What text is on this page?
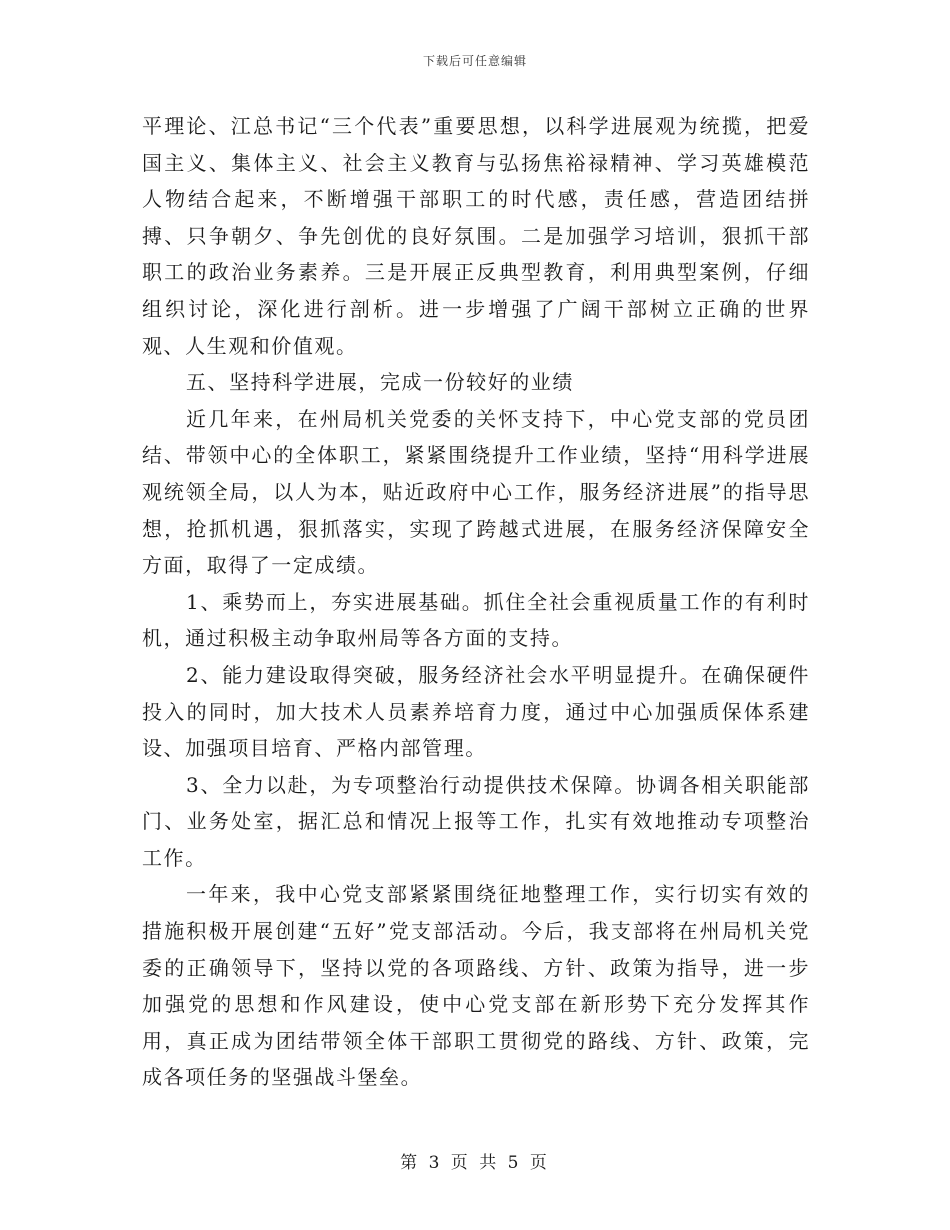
下载后可任意编辑

平理论、江总书记“三个代表”重要思想，以科学进展观为统揽，把爱国主义、集体主义、社会主义教育与弘扬焦裕禄精神、学习英雄模范人物结合起来，不断增强干部职工的时代感，责任感，营造团结拼搏、只争朝夕、争先创优的良好氛围。二是加强学习培训，狠抓干部职工的政治业务素养。三是开展正反典型教育，利用典型案例，仔细组织讨论，深化进行剖析。进一步增强了广阔干部树立正确的世界观、人生观和价值观。

五、坚持科学进展，完成一份较好的业绩

近几年来，在州局机关党委的关怀支持下，中心党支部的党员团结、带领中心的全体职工，紧紧围绕提升工作业绩，坚持“用科学进展观统领全局，以人为本，贴近政府中心工作，服务经济进展”的指导思想，抢抓机遇，狠抓落实，实现了跨越式进展，在服务经济保障安全方面，取得了一定成绩。

1、乘势而上，夯实进展基础。抓住全社会重视质量工作的有利时机，通过积极主动争取州局等各方面的支持。

2、能力建设取得突破，服务经济社会水平明显提升。在确保硬件投入的同时，加大技术人员素养培育力度，通过中心加强质保体系建设、加强项目培育、严格内部管理。

3、全力以赴，为专项整治行动提供技术保障。协调各相关职能部门、业务处室，据汇总和情况上报等工作，扎实有效地推动专项整治工作。

一年来，我中心党支部紧紧围绕征地整理工作，实行切实有效的措施积极开展创建“五好”党支部活动。今后，我支部将在州局机关党委的正确领导下，坚持以党的各项路线、方针、政策为指导，进一步加强党的思想和作风建设，使中心党支部在新形势下充分发挥其作用，真正成为团结带领全体干部职工贯彻党的路线、方针、政策，完成各项任务的坚强战斗堡垒。

第 3 页 共 5 页
